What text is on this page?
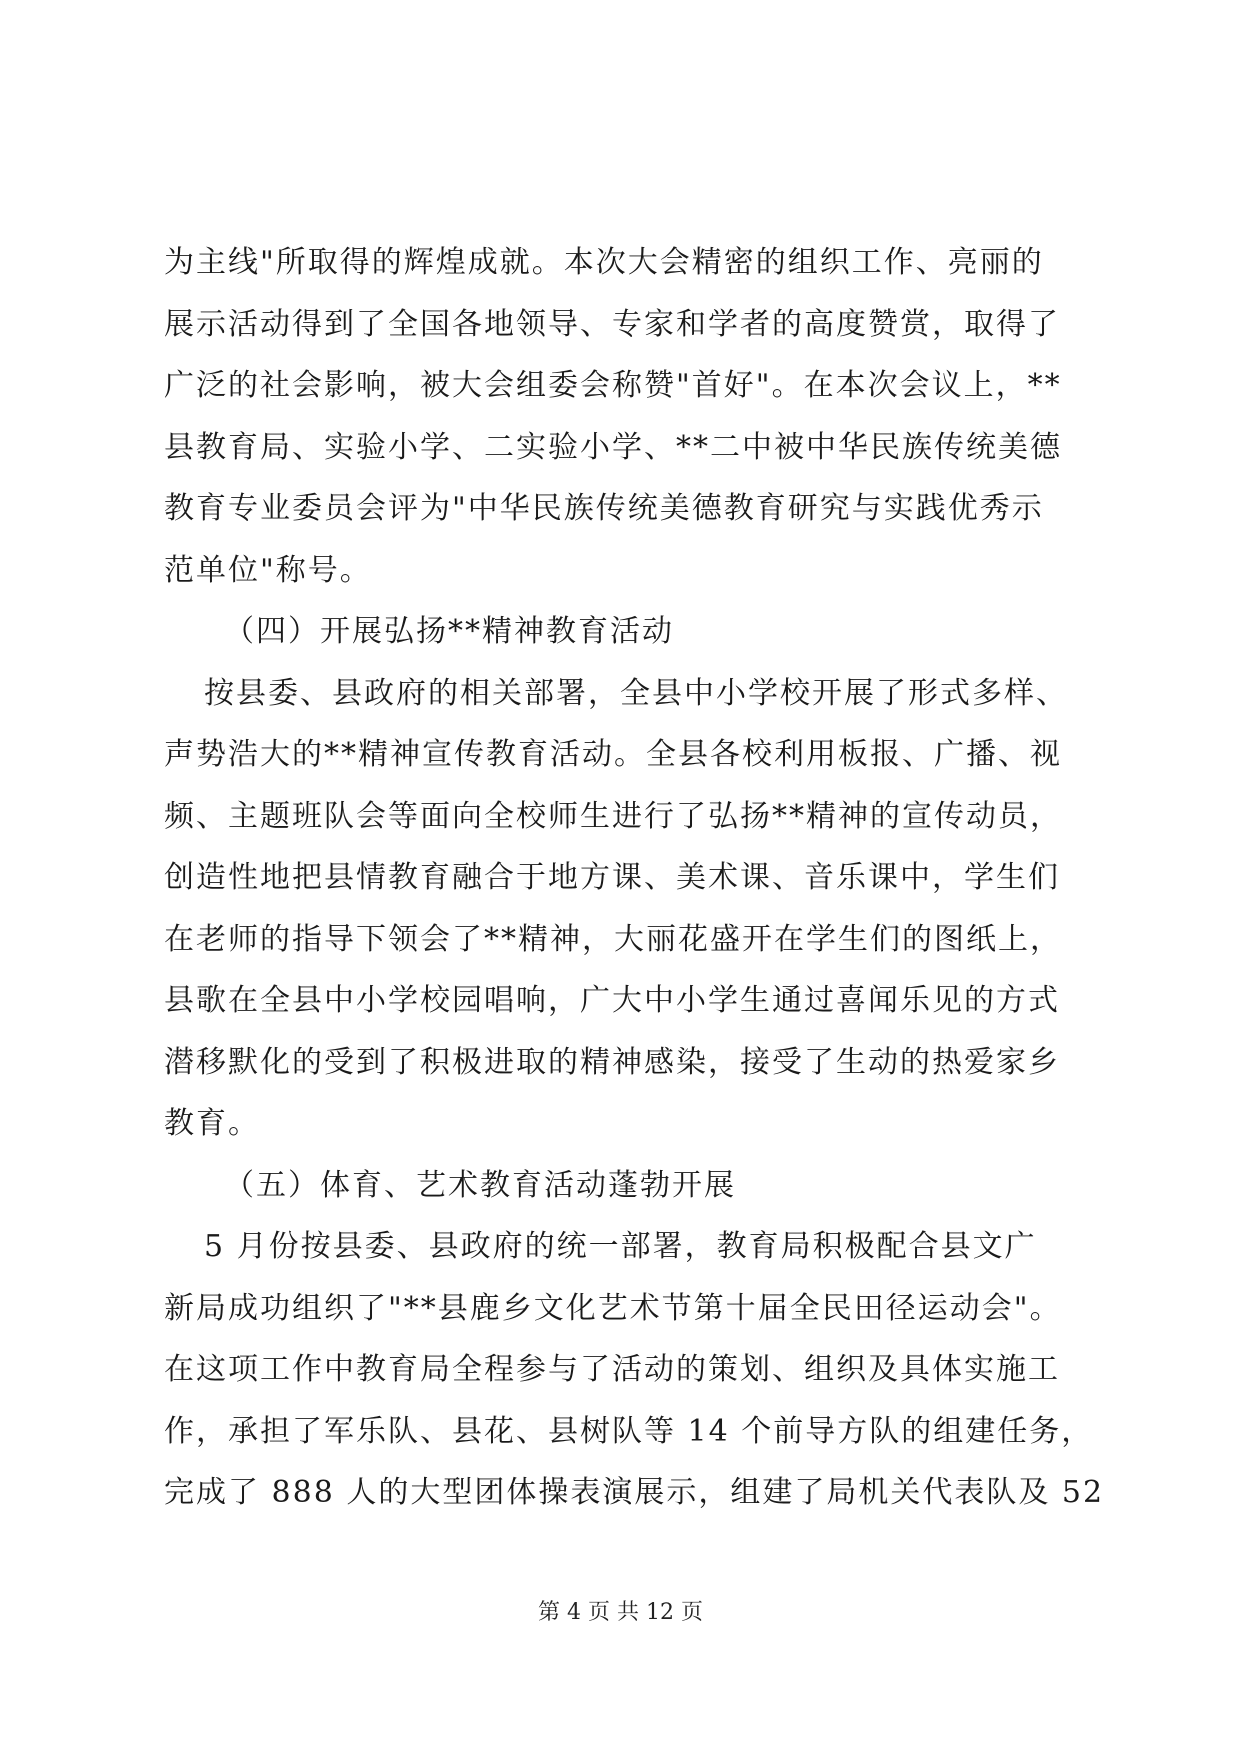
为主线"所取得的辉煌成就。本次大会精密的组织工作、亮丽的
展示活动得到了全国各地领导、专家和学者的高度赞赏，取得了
广泛的社会影响，被大会组委会称赞"首好"。在本次会议上，**
县教育局、实验小学、二实验小学、**二中被中华民族传统美德
教育专业委员会评为"中华民族传统美德教育研究与实践优秀示
范单位"称号。
（四）开展弘扬**精神教育活动
按县委、县政府的相关部署，全县中小学校开展了形式多样、
声势浩大的**精神宣传教育活动。全县各校利用板报、广播、视
频、主题班队会等面向全校师生进行了弘扬**精神的宣传动员，
创造性地把县情教育融合于地方课、美术课、音乐课中，学生们
在老师的指导下领会了**精神，大丽花盛开在学生们的图纸上，
县歌在全县中小学校园唱响，广大中小学生通过喜闻乐见的方式
潜移默化的受到了积极进取的精神感染，接受了生动的热爱家乡
教育。
（五）体育、艺术教育活动蓬勃开展
5 月份按县委、县政府的统一部署，教育局积极配合县文广
新局成功组织了"**县鹿乡文化艺术节第十届全民田径运动会"。
在这项工作中教育局全程参与了活动的策划、组织及具体实施工
作，承担了军乐队、县花、县树队等 14 个前导方队的组建任务，
完成了 888 人的大型团体操表演展示，组建了局机关代表队及 52
第 4 页 共 12 页
